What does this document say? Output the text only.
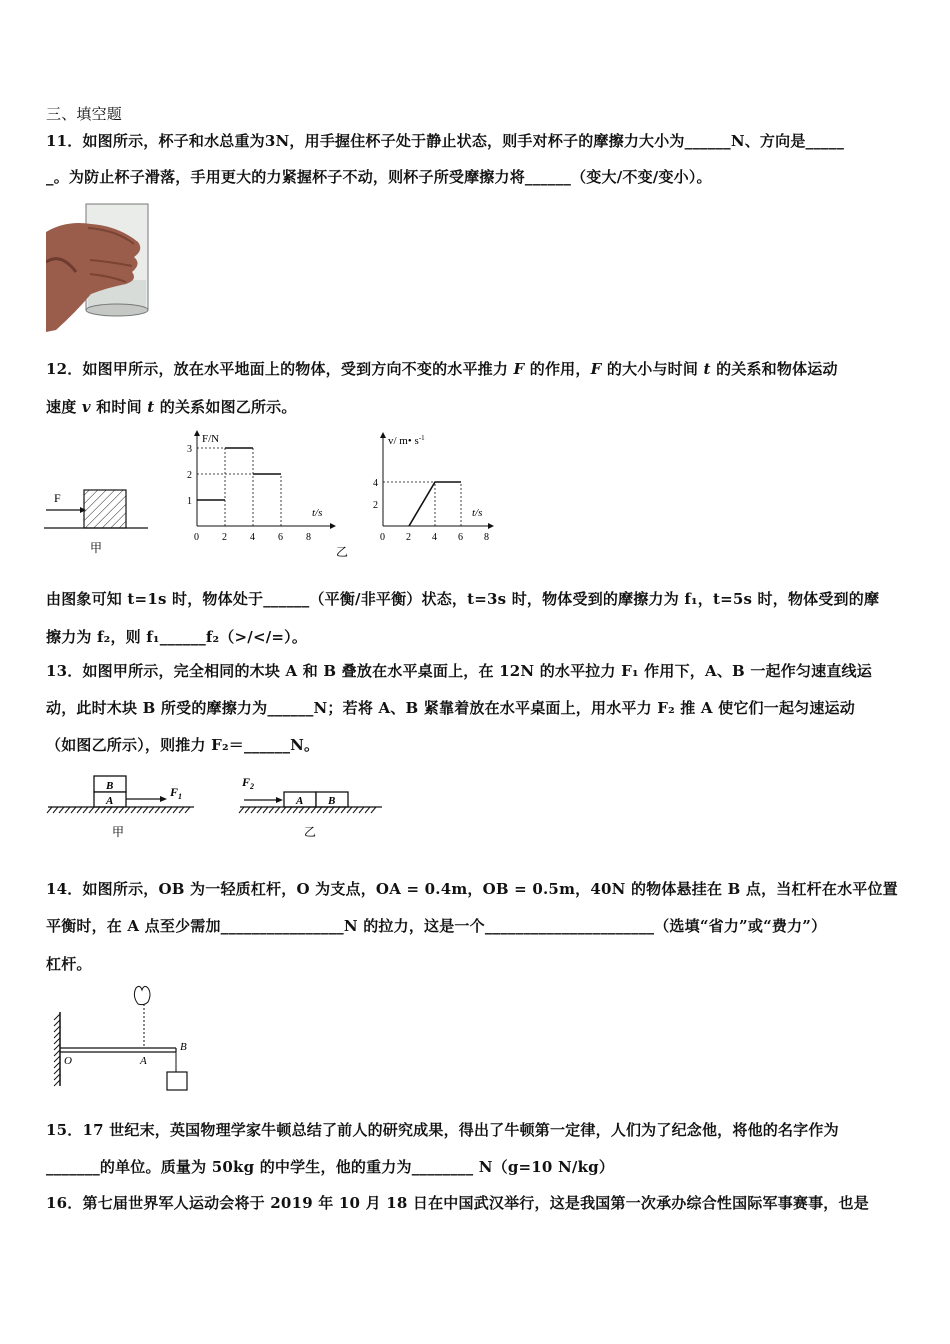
三、填空题
11．如图所示，杯子和水总重为3N，用手握住杯子处于静止状态，则手对杯子的摩擦力大小为______N、方向是_____
_。为防止杯子滑落，手用更大的力紧握杯子不动，则杯子所受摩擦力将______（变大/不变/变小）。
12．如图甲所示，放在水平地面上的物体，受到方向不变的水平推力 F 的作用，F 的大小与时间 t 的关系和物体运动
速度 v 和时间 t 的关系如图乙所示。
F
甲
F/N
t/s
0 2 4 6 8
3
2
1
乙
v/ m• $s^{-1}$
t/s
0 2 4 6 8
4
2
由图象可知 t=1s 时，物体处于______（平衡/非平衡）状态，t=3s 时，物体受到的摩擦力为 f₁，t=5s 时，物体受到的摩
擦力为 f₂，则 f₁______f₂（>/</=）。
13．如图甲所示，完全相同的木块 A 和 B 叠放在水平桌面上，在 12N 的水平拉力 F₁ 作用下，A、B 一起作匀速直线运
动，此时木块 B 所受的摩擦力为______N；若将 A、B 紧靠着放在水平桌面上，用水平力 F₂ 推 A 使它们一起匀速运动
（如图乙所示），则推力 F₂＝______N。
B
A
$F_1$
甲
$F_2$
A B
乙
14．如图所示，OB 为一轻质杠杆，O 为支点，OA = 0.4m，OB = 0.5m，40N 的物体悬挂在 B 点，当杠杆在水平位置
平衡时，在 A 点至少需加________________N 的拉力，这是一个______________________（选填“省力”或“费力”）
杠杆。
O	A
B
15．17 世纪末，英国物理学家牛顿总结了前人的研究成果，得出了牛顿第一定律，人们为了纪念他，将他的名字作为
_______的单位。质量为 50kg 的中学生，他的重力为________ N（g=10 N/kg）
16．第七届世界军人运动会将于 2019 年 10 月 18 日在中国武汉举行，这是我国第一次承办综合性国际军事赛事，也是
